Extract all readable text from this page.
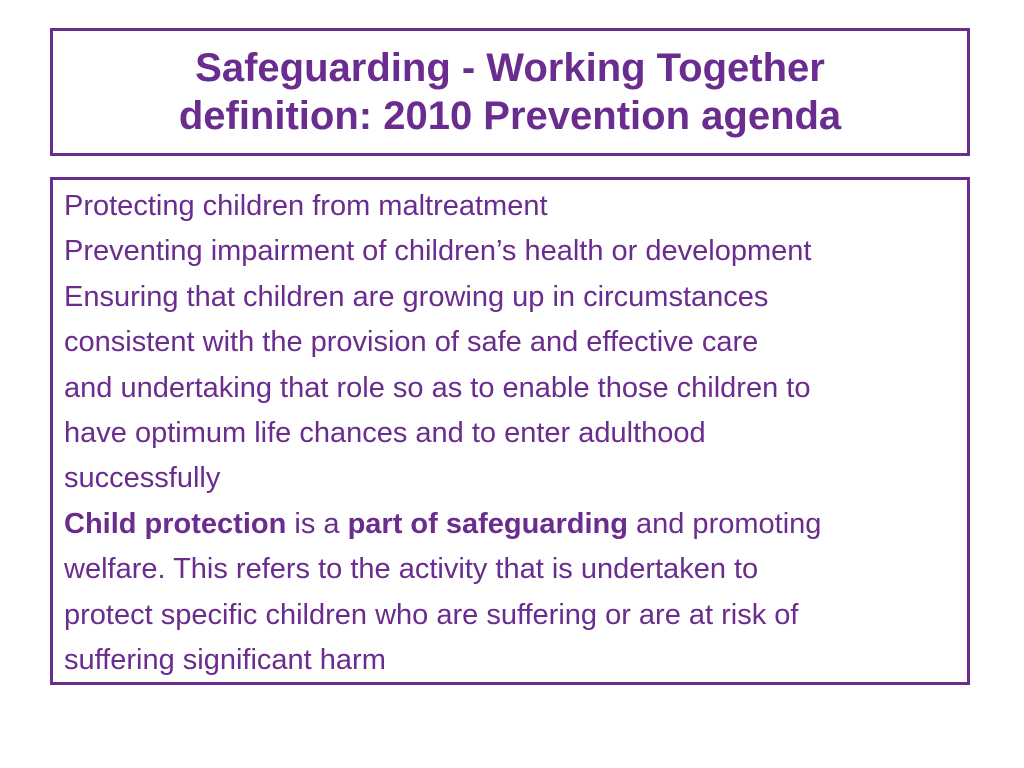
Safeguarding - Working Together
definition: 2010 Prevention agenda
Protecting children from maltreatment
Preventing impairment of children’s health or development
Ensuring that children are growing up in circumstances
consistent with the provision of safe and effective care
and undertaking that role so as to enable those children to
have optimum life chances and to enter adulthood
successfully
Child protection is a part of safeguarding and promoting
welfare. This refers to the activity that is undertaken to
protect specific children who are suffering or are at risk of
suffering significant harm
